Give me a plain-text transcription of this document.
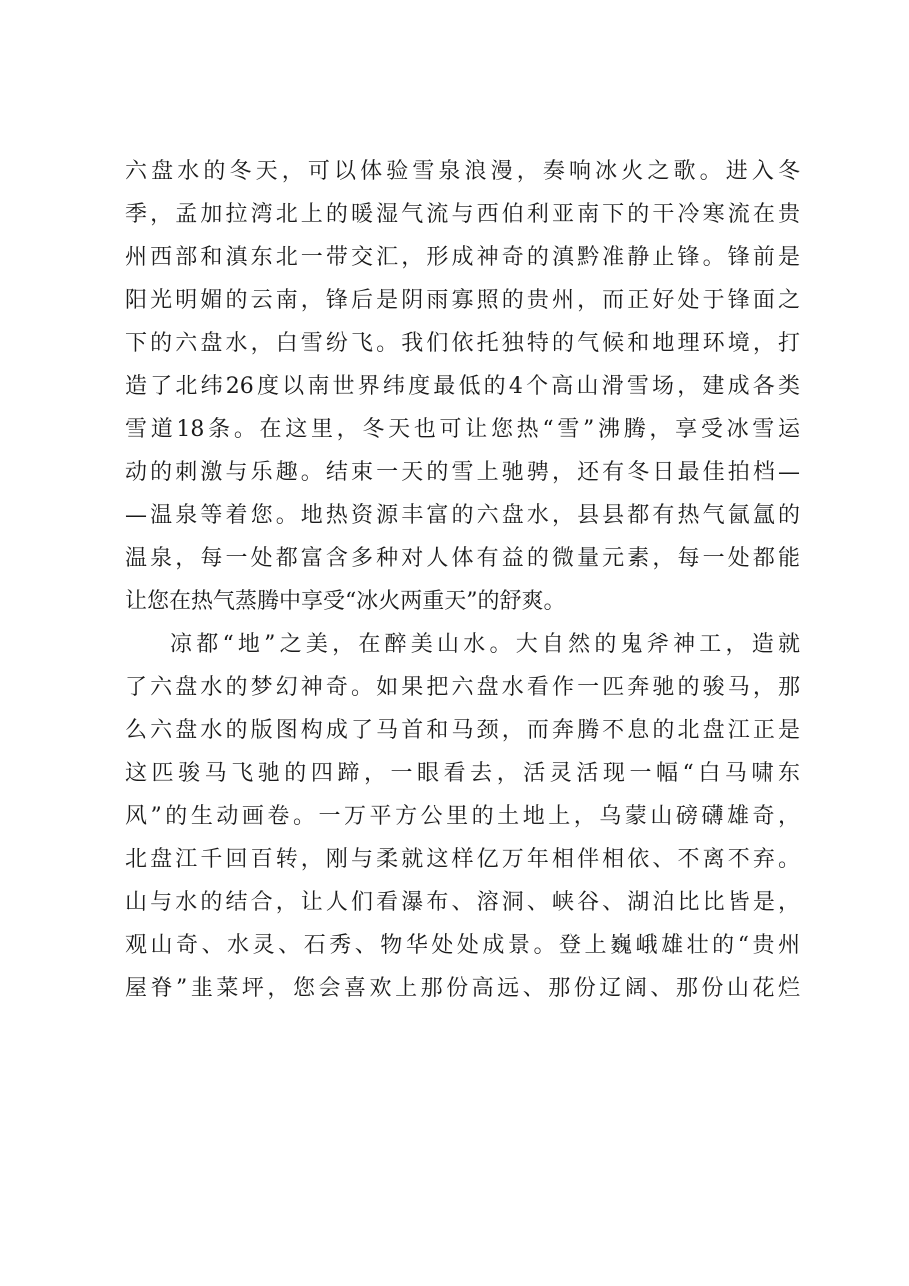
六盘水的冬天，可以体验雪泉浪漫，奏响冰火之歌。进入冬
季，孟加拉湾北上的暖湿气流与西伯利亚南下的干冷寒流在贵
州西部和滇东北一带交汇，形成神奇的滇黔准静止锋。锋前是
阳光明媚的云南，锋后是阴雨寡照的贵州，而正好处于锋面之
下的六盘水，白雪纷飞。我们依托独特的气候和地理环境，打
造了北纬26度以南世界纬度最低的4个高山滑雪场，建成各类
雪道18条。在这里，冬天也可让您热“雪”沸腾，享受冰雪运
动的刺激与乐趣。结束一天的雪上驰骋，还有冬日最佳拍档—
—温泉等着您。地热资源丰富的六盘水，县县都有热气氤氲的
温泉，每一处都富含多种对人体有益的微量元素，每一处都能
让您在热气蒸腾中享受“冰火两重天”的舒爽。
凉都“地”之美，在醉美山水。大自然的鬼斧神工，造就
了六盘水的梦幻神奇。如果把六盘水看作一匹奔驰的骏马，那
么六盘水的版图构成了马首和马颈，而奔腾不息的北盘江正是
这匹骏马飞驰的四蹄，一眼看去，活灵活现一幅“白马啸东
风”的生动画卷。一万平方公里的土地上，乌蒙山磅礴雄奇，
北盘江千回百转，刚与柔就这样亿万年相伴相依、不离不弃。
山与水的结合，让人们看瀑布、溶洞、峡谷、湖泊比比皆是，
观山奇、水灵、石秀、物华处处成景。登上巍峨雄壮的“贵州
屋脊”韭菜坪，您会喜欢上那份高远、那份辽阔、那份山花烂
